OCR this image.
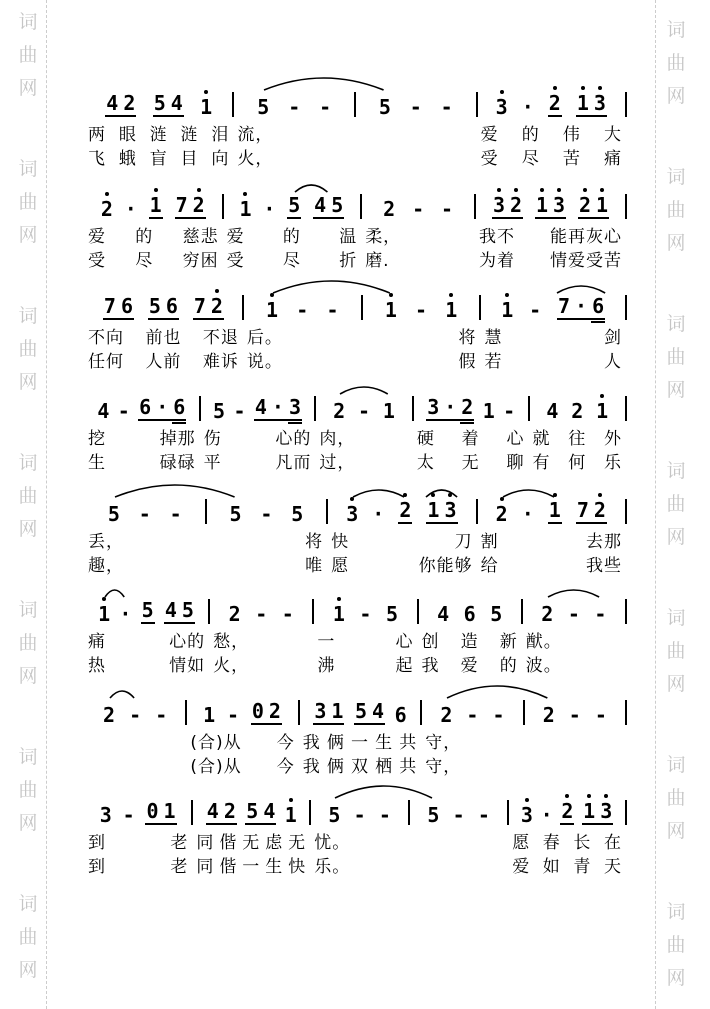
词
曲
网
词
曲
网
词
曲
网
词
曲
网
词
曲
网
词
曲
网
词
曲
网
词
曲
网
词
曲
网
词
曲
网
词
曲
网
词
曲
网
词
曲
网
词
曲
网
4 2 5 4 1 5 - - 5 - - 3 · 2 1 3
两 眼 涟 涟 泪 流，	爱 的 伟 大
飞 蛾 盲 目 向 火，	受 尽 苦 痛
2 · 1 7 2 1 · 5 4 5 2 - - 3 2 1 3 2 1
爱 的 慈悲 爱 的 温 柔，	我不 能再灰心
受 尽 穷困 受 尽 折 磨.	为着 情爱受苦
7 6 5 6 7 2 1 - - 1 - 1 1 - 7 · 6
不向 前也 不退 后。	将 慧	剑
任何 人前 难诉 说。	假 若	人
4 - 6 · 6 5 - 4 · 3 2 - 1 3 · 2 1 - 4 2 1
挖	掉那 伤	心的 肉，	硬 着 心 就 往 外
生	碌碌 平	凡而 过，	太 无 聊 有 何 乐
5 - - 5 - 5 3 · 2 1 3 2 · 1 7 2
丢，	将 快	刀 割	去那
趣，	唯 愿	你能够 给	我些
1 · 5 4 5 2 - - 1 - 5 4 6 5 2 - -
痛	心的 愁，	一	心 创 造 新 猷。
热	情如 火，	沸	起 我 爱 的 波。
2 - - 1 - 0 2 3 1 5 4 6 2 - - 2 - -
(合)从 今 我 俩 一 生 共 守，
(合)从 今 我 俩 双 栖 共 守，
3 - 0 1 4 2 5 4 1 5 - - 5 - - 3 · 2 1 3
到	老 同 偕 无 虑 无 忧。	愿 春 长 在
到	老 同 偕 一 生 快 乐。	爱 如 青 天
